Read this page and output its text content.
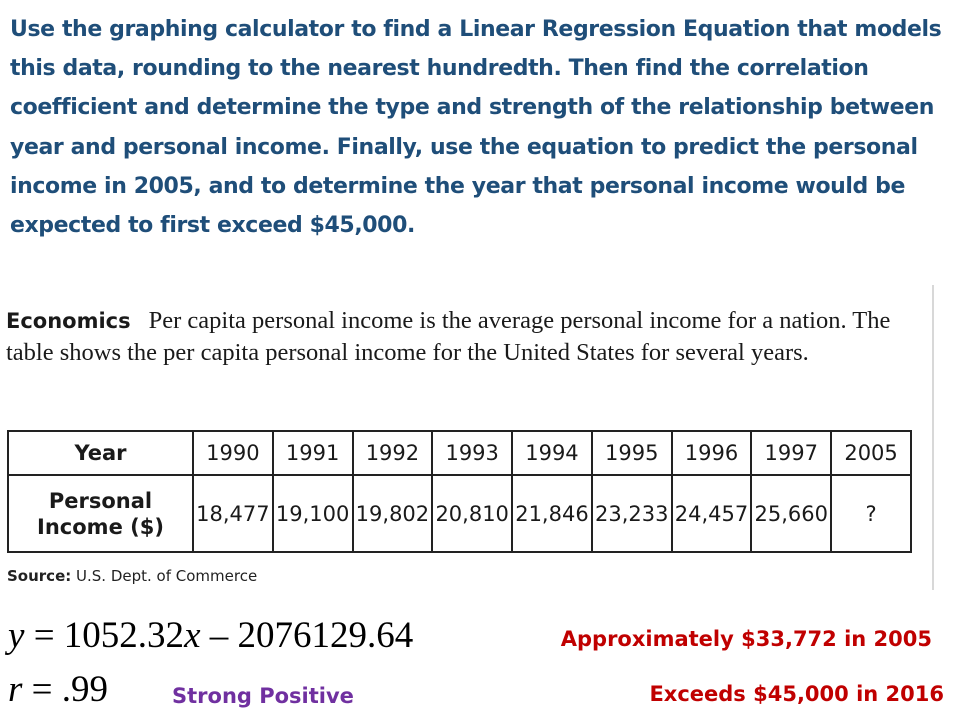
Use the graphing calculator to find a Linear Regression Equation that models this data, rounding to the nearest hundredth. Then find the correlation coefficient and determine the type and strength of the relationship between year and personal income. Finally, use the equation to predict the personal income in 2005, and to determine the year that personal income would be expected to first exceed $45,000.

Economics Per capita personal income is the average personal income for a nation. The table shows the per capita personal income for the United States for several years.

Year	1990	1991	1992	1993	1994	1995	1996	1997	2005
Personal
Income ($)	18,477	19,100	19,802	20,810	21,846	23,233	24,457	25,660	?

Source: U.S. Dept. of Commerce

y = 1052.32x – 2076129.64

r = .99	Strong Positive

Approximately $33,772 in 2005

Exceeds $45,000 in 2016
